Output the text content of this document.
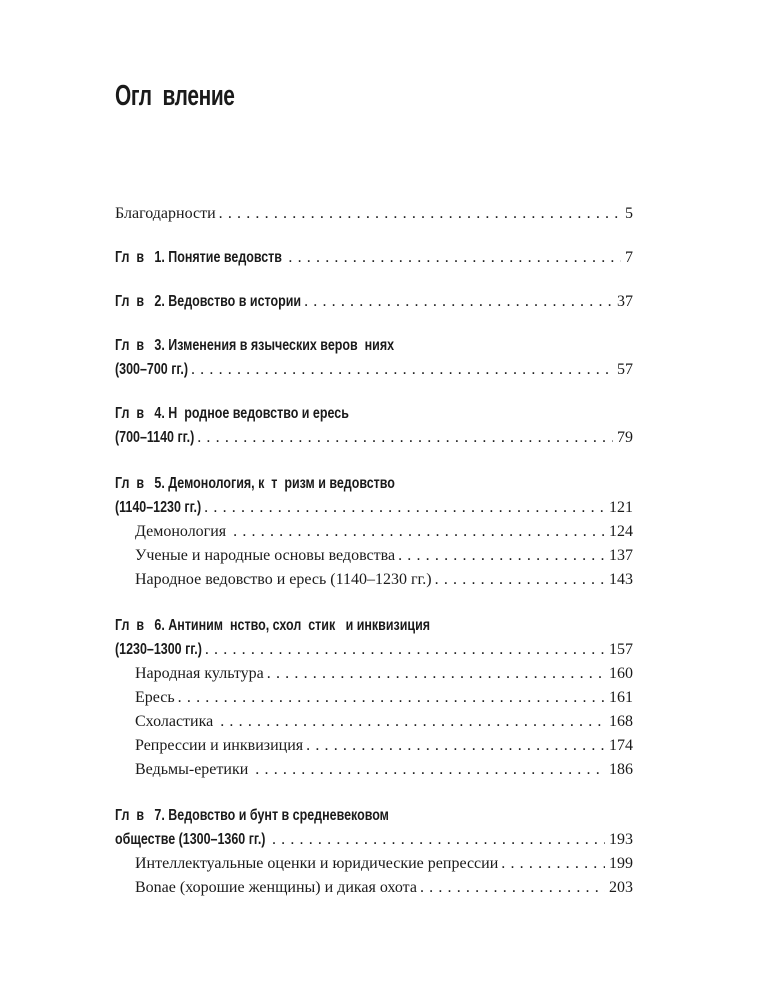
Огл  вление
Благодарности . . .	5
Гл  в   1. Понятие ведовств . . .	7
Гл  в   2. Ведовство в истории . . .	37
Гл  в   3. Изменения в языческих веров  ниях
(300–700 гг.) . . .	57
Гл  в   4. Н  родное ведовство и ересь
(700–1140 гг.) . . .	79
Гл  в   5. Демонология, к  т  ризм и ведовство
(1140–1230 гг.) . . .	121
Демонология . . .	124
Ученые и народные основы ведовства . . .	137
Народное ведовство и ересь (1140–1230 гг.) . . .	143
Гл  в   6. Антиним  нство, схол  стик   и инквизиция
(1230–1300 гг.) . . .	157
Народная культура . . .	160
Ересь . . .	161
Схоластика . . .	168
Репрессии и инквизиция . . .	174
Ведьмы-еретики . . .	186
Гл  в   7. Ведовство и бунт в средневековом
обществе (1300–1360 гг.) . . .	193
Интеллектуальные оценки и юридические репрессии . . .	199
Bonae (хорошие женщины) и дикая охота . . .	203
